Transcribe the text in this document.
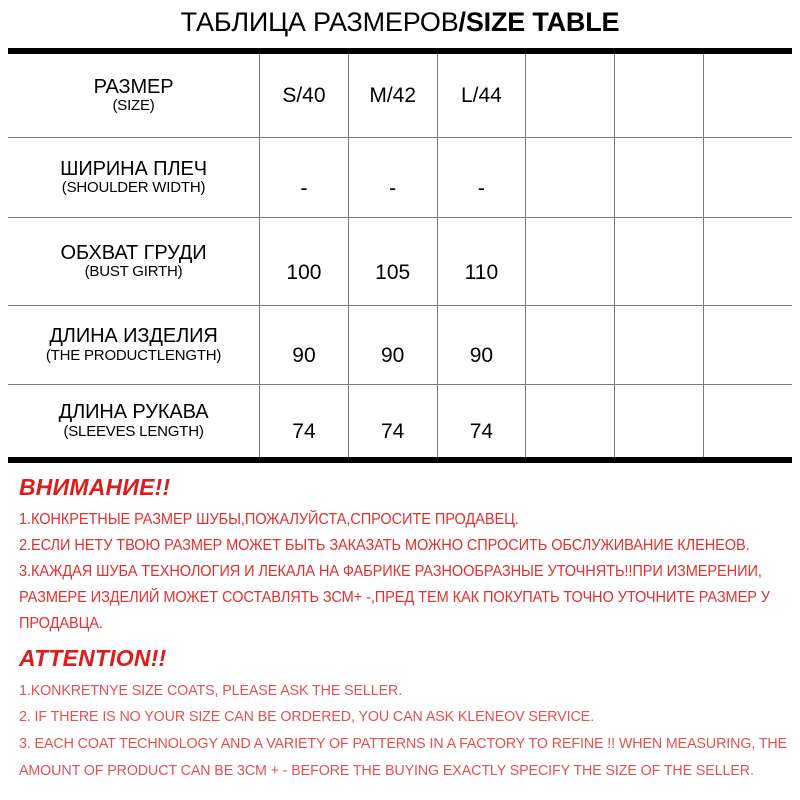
ТАБЛИЦА РАЗМЕРОВ/SIZE TABLE
РАЗМЕР
(SIZE)	S/40	M/42	L/44			

ШИРИНА ПЛЕЧ
(SHOULDER WIDTH)	-	-	-			

ОБХВАТ ГРУДИ
(BUST GIRTH)	100	105	110			

ДЛИНА ИЗДЕЛИЯ
(THE PRODUCTLENGTH)	90	90	90			

ДЛИНА РУКАВА
(SLEEVES LENGTH)	74	74	74			
ВНИМАНИЕ!!
1.КОНКРЕТНЫЕ РАЗМЕР ШУБЫ,ПОЖАЛУЙСТА,СПРОСИТЕ ПРОДАВЕЦ.
2.ЕСЛИ НЕТУ ТВОЮ РАЗМЕР МОЖЕТ БЫТЬ ЗАКАЗАТЬ МОЖНО СПРОСИТЬ ОБСЛУЖИВАНИЕ КЛЕНЕОВ.
3.КАЖДАЯ ШУБА ТЕХНОЛОГИЯ И ЛЕКАЛА НА ФАБРИКЕ РАЗНООБРАЗНЫЕ УТОЧНЯТЬ!!ПРИ ИЗМЕРЕНИИ,
РАЗМЕРЕ ИЗДЕЛИЙ МОЖЕТ СОСТАВЛЯТЬ ЗСМ+ -,ПРЕД ТЕМ КАК ПОКУПАТЬ ТОЧНО УТОЧНИТЕ РАЗМЕР У
ПРОДАВЦА.
ATTENTION!!
1.KONKRETNYE SIZE COATS, PLEASE ASK THE SELLER.
2. IF THERE IS NO YOUR SIZE CAN BE ORDERED, YOU CAN ASK KLENEOV SERVICE.
3. EACH COAT TECHNOLOGY AND A VARIETY OF PATTERNS IN A FACTORY TO REFINE !! WHEN MEASURING, THE
AMOUNT OF PRODUCT CAN BE 3CM + - BEFORE THE BUYING EXACTLY SPECIFY THE SIZE OF THE SELLER.
